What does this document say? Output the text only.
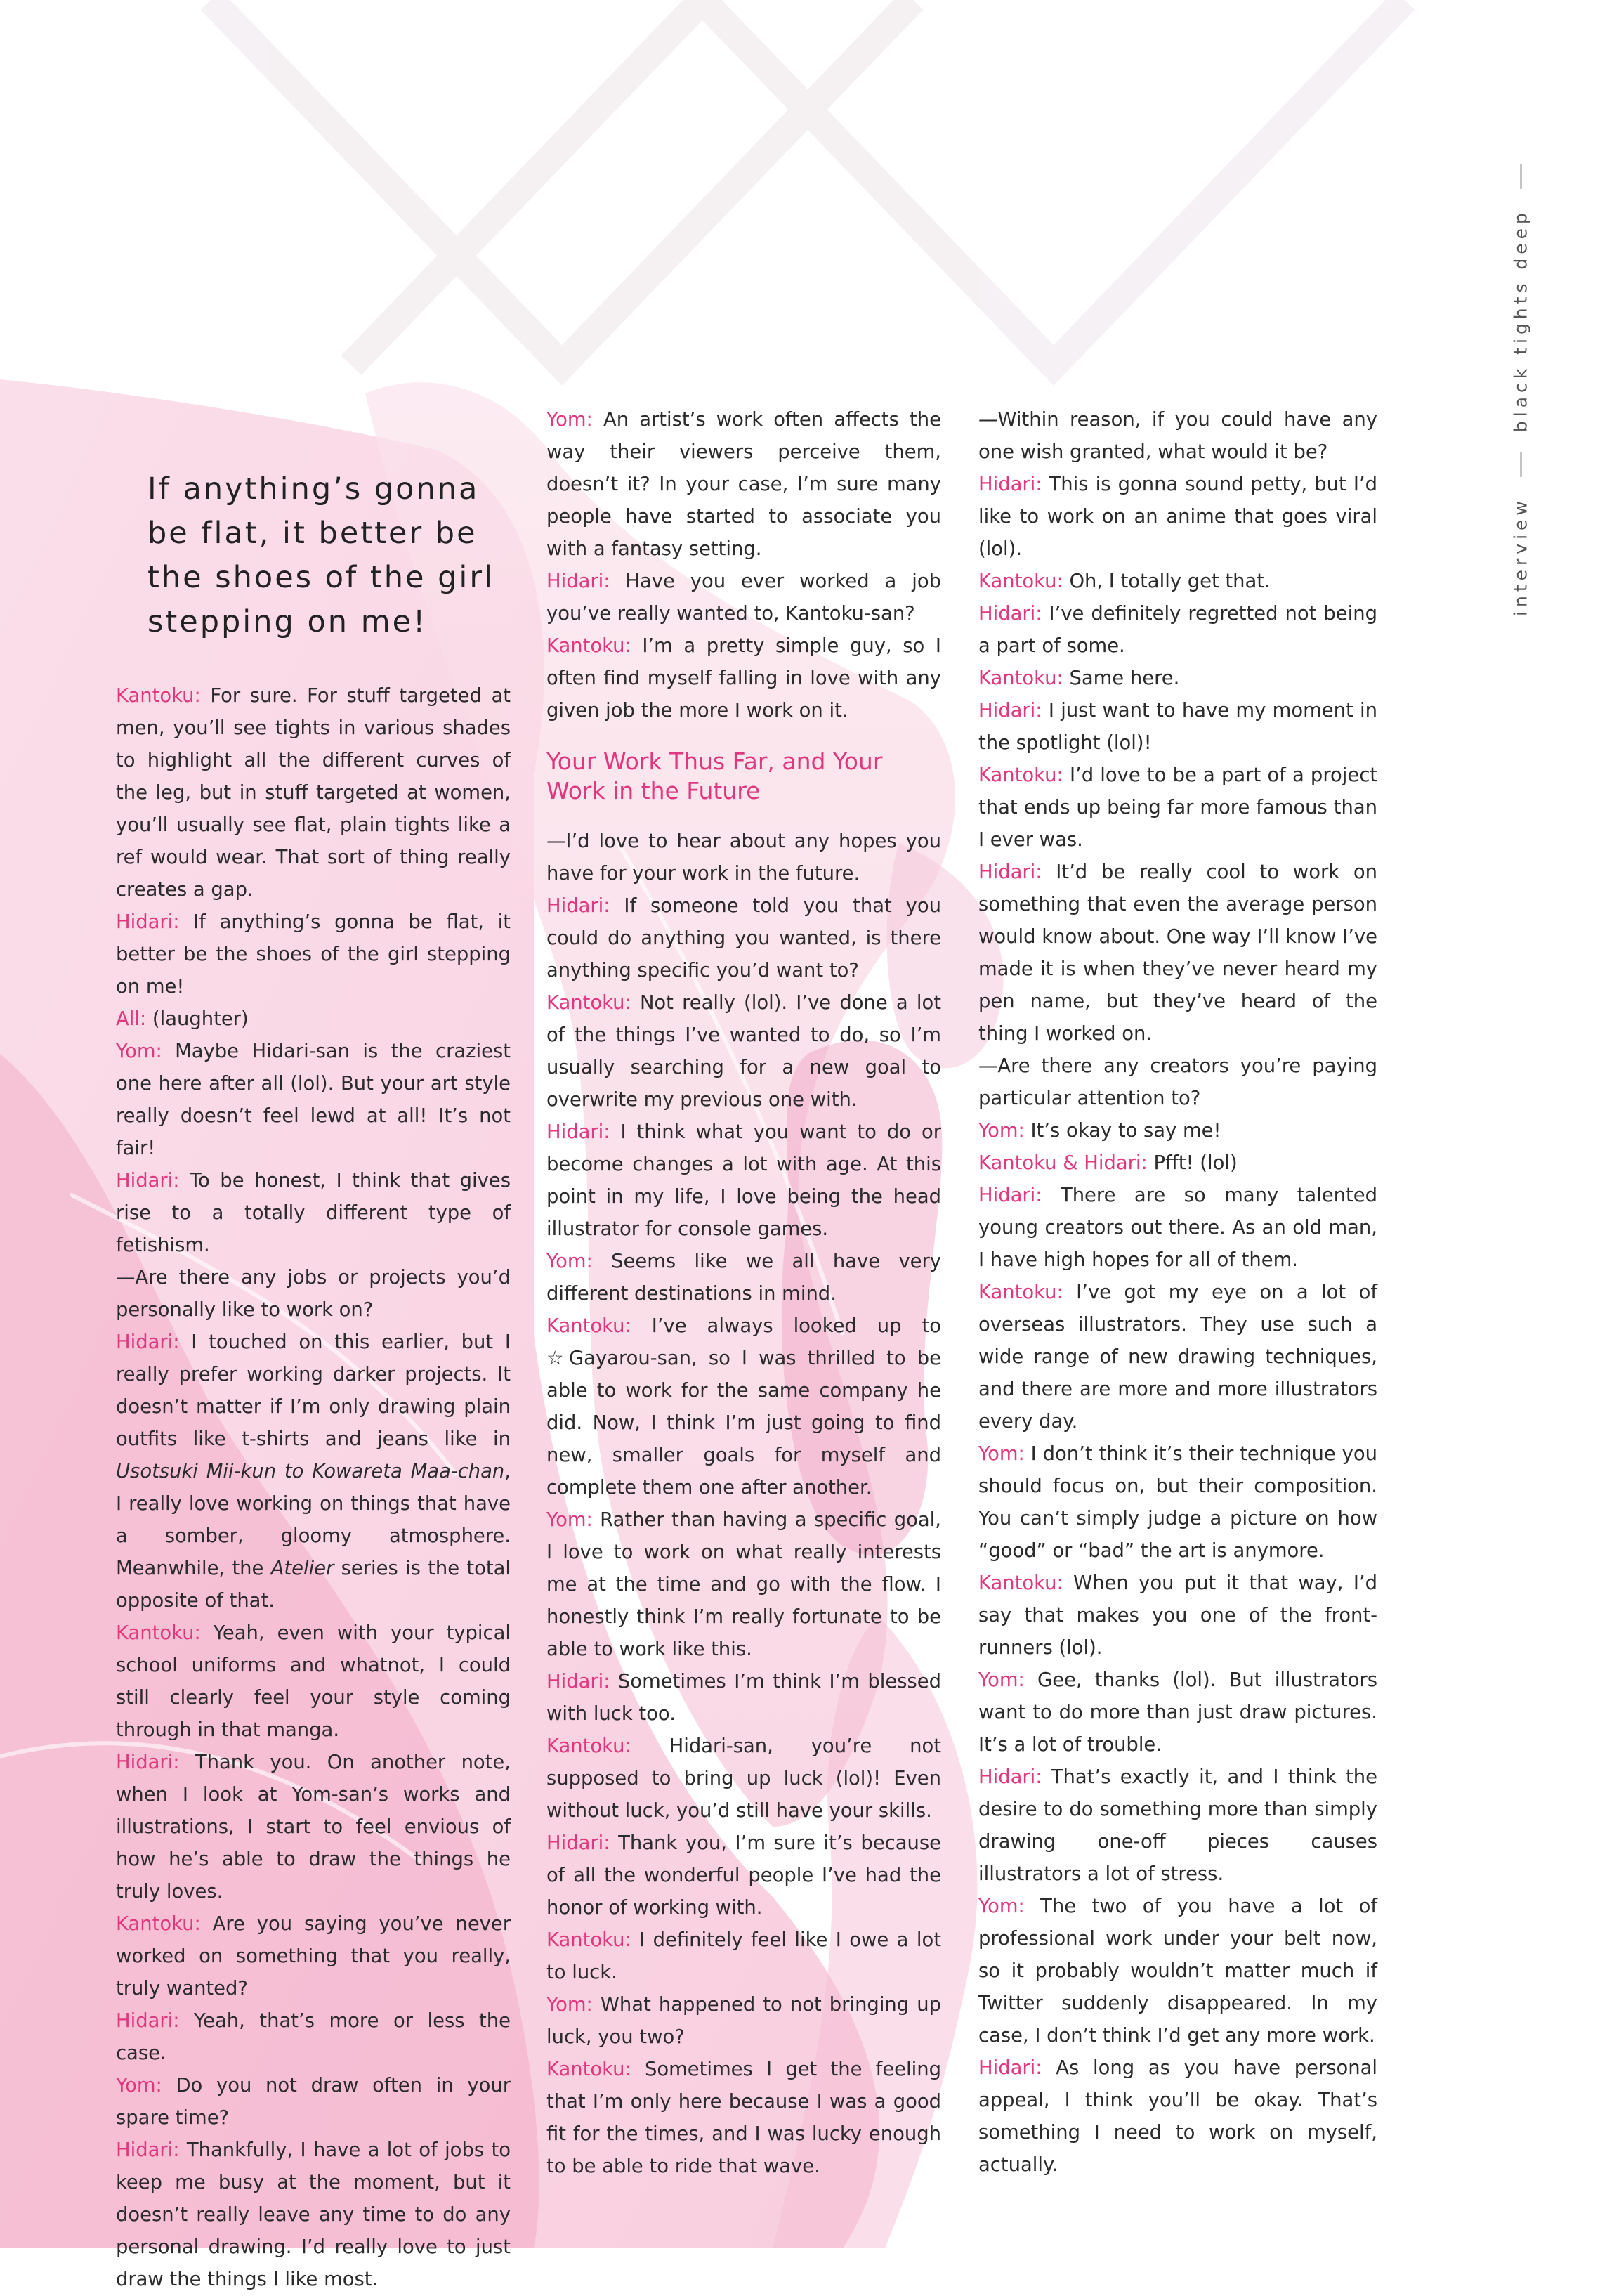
interview
black tights deep
If anything’s gonna be flat, it better be the shoes of the girl stepping on me!

Kantoku: For sure. For stuff targeted at men, you’ll see tights in various shades to highlight all the different curves of the leg, but in stuff targeted at women, you’ll usually see flat, plain tights like a ref would wear. That sort of thing really creates a gap.

Hidari: If anything’s gonna be flat, it better be the shoes of the girl stepping on me!

All: (laughter)

Yom: Maybe Hidari-san is the craziest one here after all (lol). But your art style really doesn’t feel lewd at all! It’s not fair!

Hidari: To be honest, I think that gives rise to a totally different type of fetishism.

—Are there any jobs or projects you’d personally like to work on?

Hidari: I touched on this earlier, but I really prefer working darker projects. It doesn’t matter if I’m only drawing plain outfits like t-shirts and jeans like in Usotsuki Mii-kun to Kowareta Maa-chan, I really love working on things that have a somber, gloomy atmosphere. Meanwhile, the Atelier series is the total opposite of that.

Kantoku: Yeah, even with your typical school uniforms and whatnot, I could still clearly feel your style coming through in that manga.

Hidari: Thank you. On another note, when I look at Yom-san’s works and illustrations, I start to feel envious of how he’s able to draw the things he truly loves.

Kantoku: Are you saying you’ve never worked on something that you really, truly wanted?

Hidari: Yeah, that’s more or less the case.

Yom: Do you not draw often in your spare time?

Hidari: Thankfully, I have a lot of jobs to keep me busy at the moment, but it doesn’t really leave any time to do any personal drawing. I’d really love to just draw the things I like most.

Yom: An artist’s work often affects the way their viewers perceive them, doesn’t it? In your case, I’m sure many people have started to associate you with a fantasy setting.

Hidari: Have you ever worked a job you’ve really wanted to, Kantoku-san?

Kantoku: I’m a pretty simple guy, so I often find myself falling in love with any given job the more I work on it.

Your Work Thus Far, and Your Work in the Future

—I’d love to hear about any hopes you have for your work in the future.

Hidari: If someone told you that you could do anything you wanted, is there anything specific you’d want to?

Kantoku: Not really (lol). I’ve done a lot of the things I’ve wanted to do, so I’m usually searching for a new goal to overwrite my previous one with.

Hidari: I think what you want to do or become changes a lot with age. At this point in my life, I love being the head illustrator for console games.

Yom: Seems like we all have very different destinations in mind.

Kantoku: I’ve always looked up to ☆Gayarou-san, so I was thrilled to be able to work for the same company he did. Now, I think I’m just going to find new, smaller goals for myself and complete them one after another.

Yom: Rather than having a specific goal, I love to work on what really interests me at the time and go with the flow. I honestly think I’m really fortunate to be able to work like this.

Hidari: Sometimes I’m think I’m blessed with luck too.

Kantoku: Hidari-san, you’re not supposed to bring up luck (lol)! Even without luck, you’d still have your skills.

Hidari: Thank you, I’m sure it’s because of all the wonderful people I’ve had the honor of working with.

Kantoku: I definitely feel like I owe a lot to luck.

Yom: What happened to not bringing up luck, you two?

Kantoku: Sometimes I get the feeling that I’m only here because I was a good fit for the times, and I was lucky enough to be able to ride that wave.

—Within reason, if you could have any one wish granted, what would it be?

Hidari: This is gonna sound petty, but I’d like to work on an anime that goes viral (lol).

Kantoku: Oh, I totally get that.

Hidari: I’ve definitely regretted not being a part of some.

Kantoku: Same here.

Hidari: I just want to have my moment in the spotlight (lol)!

Kantoku: I’d love to be a part of a project that ends up being far more famous than I ever was.

Hidari: It’d be really cool to work on something that even the average person would know about. One way I’ll know I’ve made it is when they’ve never heard my pen name, but they’ve heard of the thing I worked on.

—Are there any creators you’re paying particular attention to?

Yom: It’s okay to say me!

Kantoku & Hidari: Pfft! (lol)

Hidari: There are so many talented young creators out there. As an old man, I have high hopes for all of them.

Kantoku: I’ve got my eye on a lot of overseas illustrators. They use such a wide range of new drawing techniques, and there are more and more illustrators every day.

Yom: I don’t think it’s their technique you should focus on, but their composition. You can’t simply judge a picture on how “good” or “bad” the art is anymore.

Kantoku: When you put it that way, I’d say that makes you one of the front-runners (lol).

Yom: Gee, thanks (lol). But illustrators want to do more than just draw pictures. It’s a lot of trouble.

Hidari: That’s exactly it, and I think the desire to do something more than simply drawing one-off pieces causes illustrators a lot of stress.

Yom: The two of you have a lot of professional work under your belt now, so it probably wouldn’t matter much if Twitter suddenly disappeared. In my case, I don’t think I’d get any more work.

Hidari: As long as you have personal appeal, I think you’ll be okay. That’s something I need to work on myself, actually.
